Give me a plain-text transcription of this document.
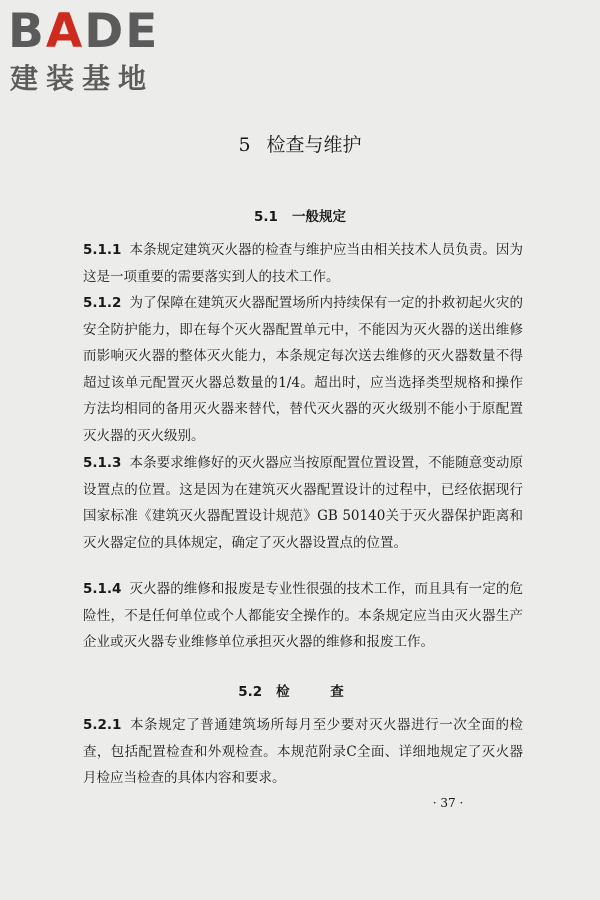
BADE
建装基地
5 检查与维护
5.1 一般规定

5.1.1 本条规定建筑灭火器的检查与维护应当由相关技术人员负责。因为这是一项重要的需要落实到人的技术工作。

5.1.2 为了保障在建筑灭火器配置场所内持续保有一定的扑救初起火灾的安全防护能力，即在每个灭火器配置单元中，不能因为灭火器的送出维修而影响灭火器的整体灭火能力，本条规定每次送去维修的灭火器数量不得超过该单元配置灭火器总数量的1/4。超出时，应当选择类型规格和操作方法均相同的备用灭火器来替代，替代灭火器的灭火级别不能小于原配置灭火器的灭火级别。

5.1.3 本条要求维修好的灭火器应当按原配置位置设置，不能随意变动原设置点的位置。这是因为在建筑灭火器配置设计的过程中，已经依据现行国家标准《建筑灭火器配置设计规范》GB 50140关于灭火器保护距离和灭火器定位的具体规定，确定了灭火器设置点的位置。

5.1.4 灭火器的维修和报废是专业性很强的技术工作，而且具有一定的危险性，不是任何单位或个人都能安全操作的。本条规定应当由灭火器生产企业或灭火器专业维修单位承担灭火器的维修和报废工作。

5.2 检 查

5.2.1 本条规定了普通建筑场所每月至少要对灭火器进行一次全面的检查，包括配置检查和外观检查。本规范附录C全面、详细地规定了灭火器月检应当检查的具体内容和要求。

· 37 ·
